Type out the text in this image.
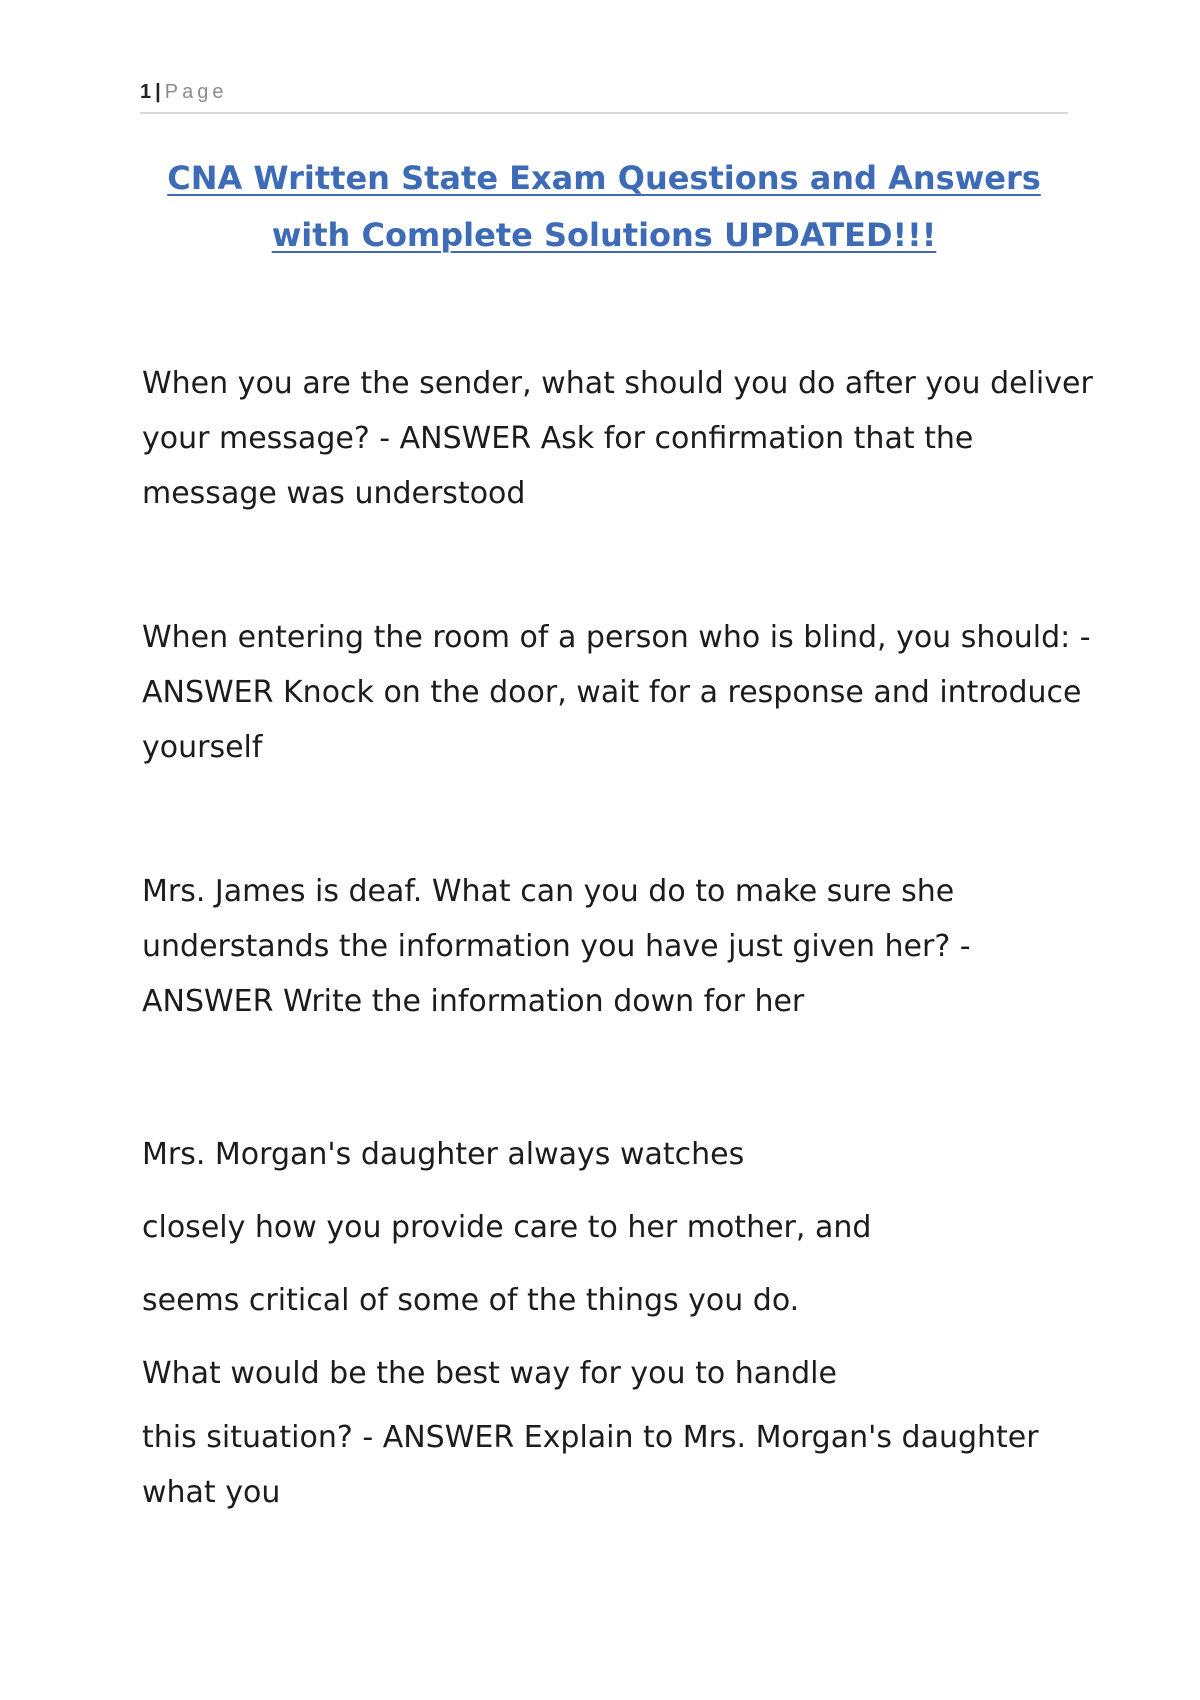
1 | Page
CNA Written State Exam Questions and Answers
with Complete Solutions UPDATED!!!

When you are the sender, what should you do after you deliver
your message? - ANSWER Ask for confirmation that the
message was understood

When entering the room of a person who is blind, you should: -
ANSWER Knock on the door, wait for a response and introduce
yourself

Mrs. James is deaf. What can you do to make sure she
understands the information you have just given her? -
ANSWER Write the information down for her

Mrs. Morgan's daughter always watches
closely how you provide care to her mother, and
seems critical of some of the things you do.
What would be the best way for you to handle
this situation? - ANSWER Explain to Mrs. Morgan's daughter
what you
